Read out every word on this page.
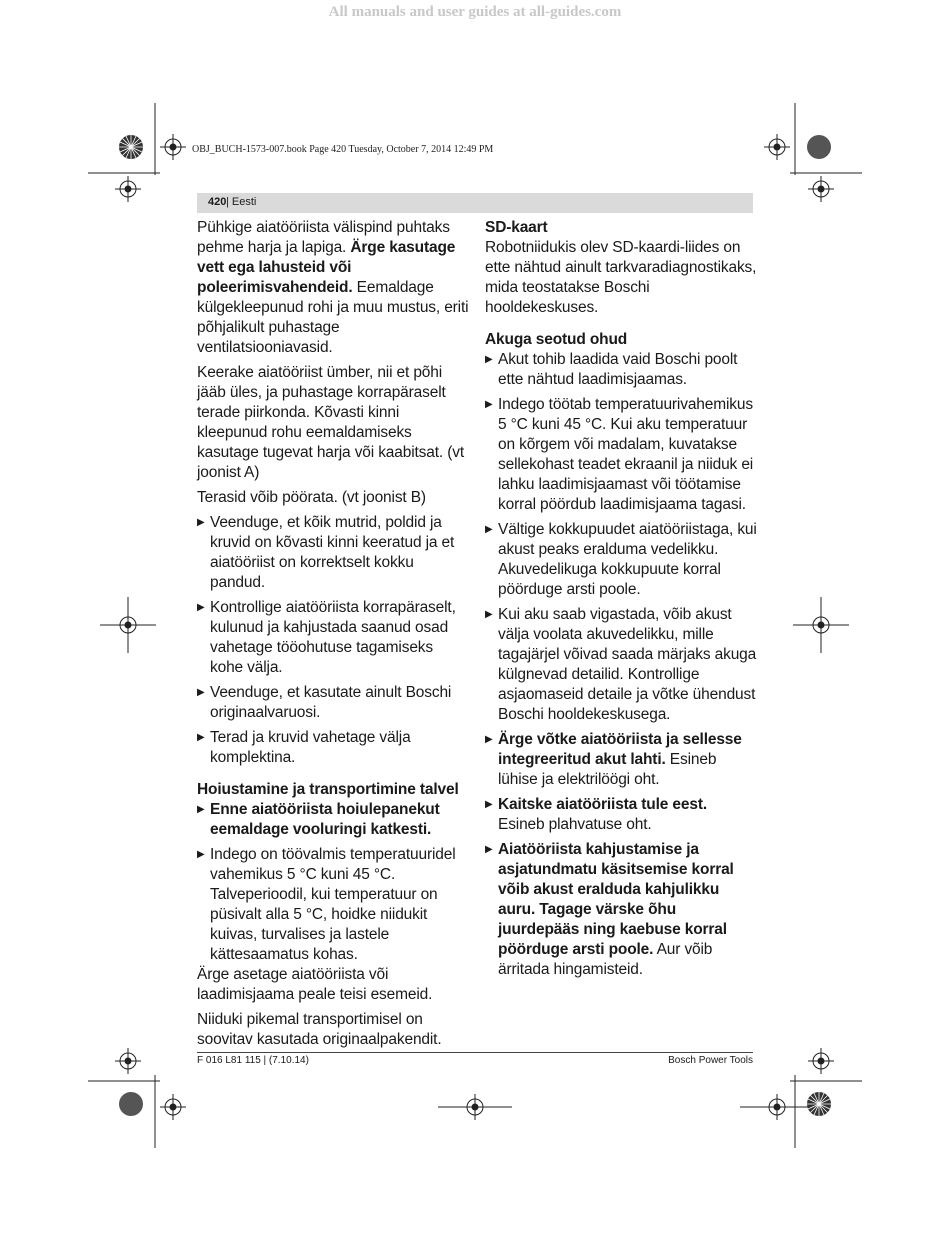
All manuals and user guides at all-guides.com
OBJ_BUCH-1573-007.book Page 420 Tuesday, October 7, 2014 12:49 PM
420 | Eesti

Pühkige aiatööriista välispind puhtaks pehme harja ja lapiga. Ärge kasutage vett ega lahusteid või poleerimisvahendeid. Eemaldage külgekleepunud rohi ja muu mustus, eriti põhjalikult puhastage ventilatsiooniavasid.

Keerake aiatööriist ümber, nii et põhi jääb üles, ja puhastage korrapäraselt terade piirkonda. Kõvasti kinni kleepunud rohu eemaldamiseks kasutage tugevat harja või kaabitsat. (vt joonist A)

Terasid võib pöörata. (vt joonist B)

▶ Veenduge, et kõik mutrid, poldid ja kruvid on kõvasti kinni keeratud ja et aiatööriist on korrektselt kokku pandud.
▶ Kontrollige aiatööriista korrapäraselt, kulunud ja kahjustada saanud osad vahetage tööohutuse tagamiseks kohe välja.
▶ Veenduge, et kasutate ainult Boschi originaalvaruosi.
▶ Terad ja kruvid vahetage välja komplektina.
Hoiustamine ja transportimine talvel
▶ Enne aiatööriista hoiulepanekut eemaldage vooluringi katkesti.
▶ Indego on töövalmis temperatuuridel vahemikus 5 °C kuni 45 °C. Talveperioodil, kui temperatuur on püsivalt alla 5 °C, hoidke niidukit kuivas, turvalises ja lastele kättesaamatus kohas.

Ärge asetage aiatööriista või laadimisjaama peale teisi esemeid.

Niiduki pikemal transportimisel on soovitav kasutada originaalpakendit.

SD-kaart

Robotniidukis olev SD-kaardi-liides on ette nähtud ainult tarkvaradiagnostikaks, mida teostatakse Boschi hooldekeskuses.

Akuga seotud ohud
▶ Akut tohib laadida vaid Boschi poolt ette nähtud laadimisjaamas.
▶ Indego töötab temperatuurivahemikus 5 °C kuni 45 °C. Kui aku temperatuur on kõrgem või madalam, kuvatakse sellekohast teadet ekraanil ja niiduk ei lahku laadimisjaamast või töötamise korral pöördub laadimisjaama tagasi.
▶ Vältige kokkupuudet aiatööriistaga, kui akust peaks eralduma vedelikku. Akuvedelikuga kokkupuute korral pöörduge arsti poole.
▶ Kui aku saab vigastada, võib akust välja voolata akuvedelikku, mille tagajärjel võivad saada märjaks akuga külgnevad detailid. Kontrollige asjaomaseid detaile ja võtke ühendust Boschi hooldekeskusega.
▶ Ärge võtke aiatööriista ja sellesse integreeritud akut lahti. Esineb lühise ja elektrilöögi oht.
▶ Kaitske aiatööriista tule eest. Esineb plahvatuse oht.
▶ Aiatööriista kahjustamise ja asjatundmatu käsitsemise korral võib akust eralduda kahjulikku auru. Tagage värske õhu juurdepääs ning kaebuse korral pöörduge arsti poole. Aur võib ärritada hingamisteid.
F 016 L81 115 | (7.10.14)	Bosch Power Tools
